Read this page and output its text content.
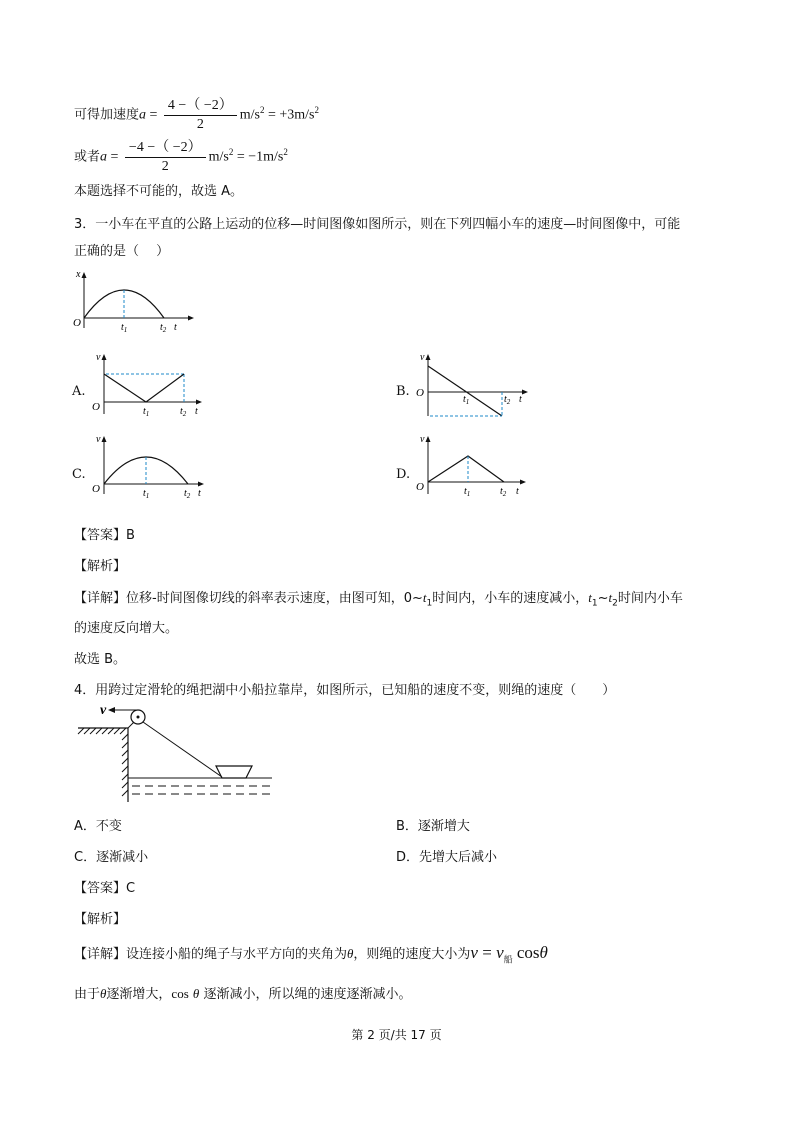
可得加速度$a = \frac{4 -( -2)}{2} m/s^2 = +3m/s^2$
或者$a = \frac{-4 -( -2)}{2} m/s^2 = -1m/s^2$
本题选择不可能的，故选 A。
3．一小车在平直的公路上运动的位移—时间图像如图所示，则在下列四幅小车的速度—时间图像中，可能
正确的是（　 ）
x
O	$t_1$	$t_2$ t
A.
v
O	$t_1$	$t_2$ t
B.
v
O
$t_1$	$t_2$ t
C.
v
O	$t_1$	$t_2$ t
D.
v
O	$t_1$	$t_2$ t
【答案】B
【解析】
【详解】位移-时间图像切线的斜率表示速度，由图可知，$0\sim t_1$时间内，小车的速度减小，$t_1\sim t_2$时间内小车
的速度反向增大。
故选 B。
4．用跨过定滑轮的绳把湖中小船拉靠岸，如图所示，已知船的速度不变，则绳的速度（　　）
v
A．不变	B．逐渐增大
C．逐渐减小	D．先增大后减小
【答案】C
【解析】
【详解】设连接小船的绳子与水平方向的夹角为θ，则绳的速度大小为$v = v_船$ cosθ
由于θ逐渐增大，cos θ 逐渐减小，所以绳的速度逐渐减小。
第 2 页/共 17 页
